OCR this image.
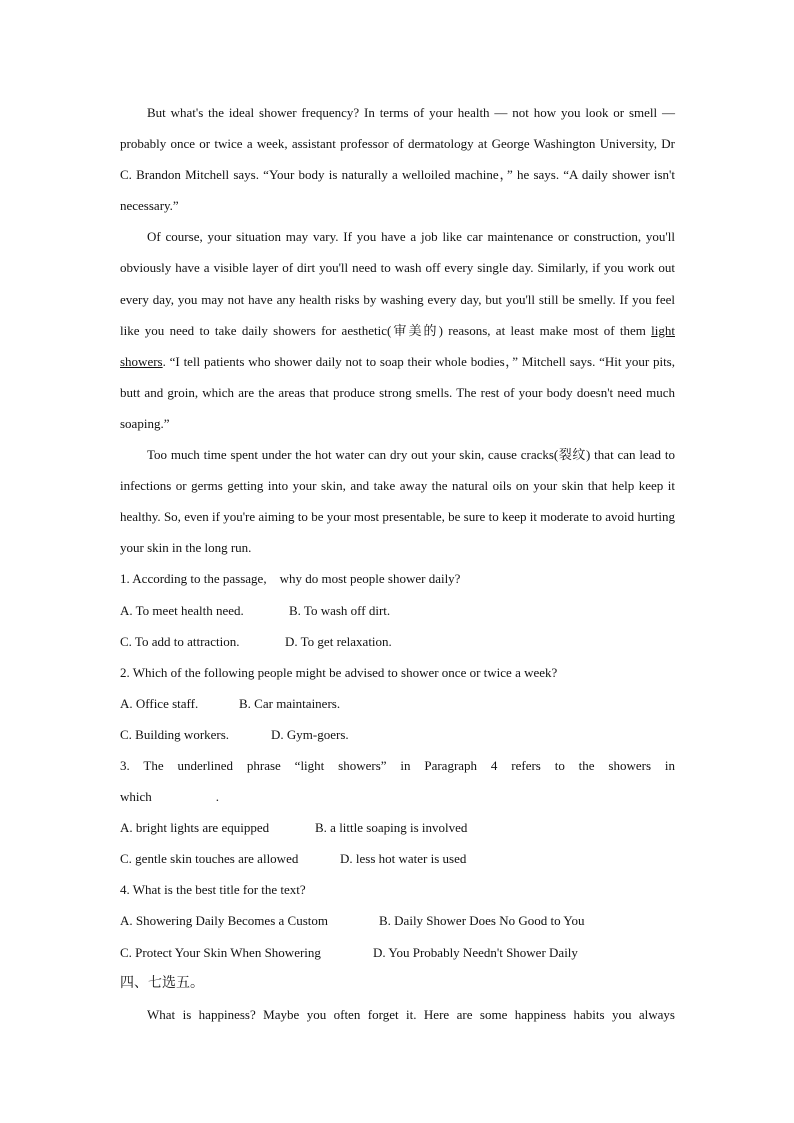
But what's the ideal shower frequency? In terms of your health — not how you look or smell — probably once or twice a week, assistant professor of dermatology at George Washington University, Dr C. Brandon Mitchell says. “Your body is naturally a welloiled machine，” he says. “A daily shower isn't necessary.”

Of course, your situation may vary. If you have a job like car maintenance or construction, you'll obviously have a visible layer of dirt you'll need to wash off every single day. Similarly, if you work out every day, you may not have any health risks by washing every day, but you'll still be smelly. If you feel like you need to take daily showers for aesthetic(审美的) reasons, at least make most of them light showers. “I tell patients who shower daily not to soap their whole bodies，” Mitchell says. “Hit your pits, butt and groin, which are the areas that produce strong smells. The rest of your body doesn't need much soaping.”

Too much time spent under the hot water can dry out your skin, cause cracks(裂纹) that can lead to infections or germs getting into your skin, and take away the natural oils on your skin that help keep it healthy. So, even if you're aiming to be your most presentable, be sure to keep it moderate to avoid hurting your skin in the long run.

1. According to the passage,　why do most people shower daily?

A. To meet health need.	B. To wash off dirt.

C. To add to attraction.	D. To get relaxation.

2. Which of the following people might be advised to shower once or twice a week?

A. Office staff.	B. Car maintainers.

C. Building workers.	D. Gym-goers.

3. The underlined phrase “light showers” in Paragraph 4 refers to the showers in

which	.

A. bright lights are equipped	B. a little soaping is involved

C. gentle skin touches are allowed	D. less hot water is used

4. What is the best title for the text?

A. Showering Daily Becomes a Custom	B. Daily Shower Does No Good to You

C. Protect Your Skin When Showering	D. You Probably Needn't Shower Daily

四、七选五。

What is happiness? Maybe you often forget it. Here are some happiness habits you always
